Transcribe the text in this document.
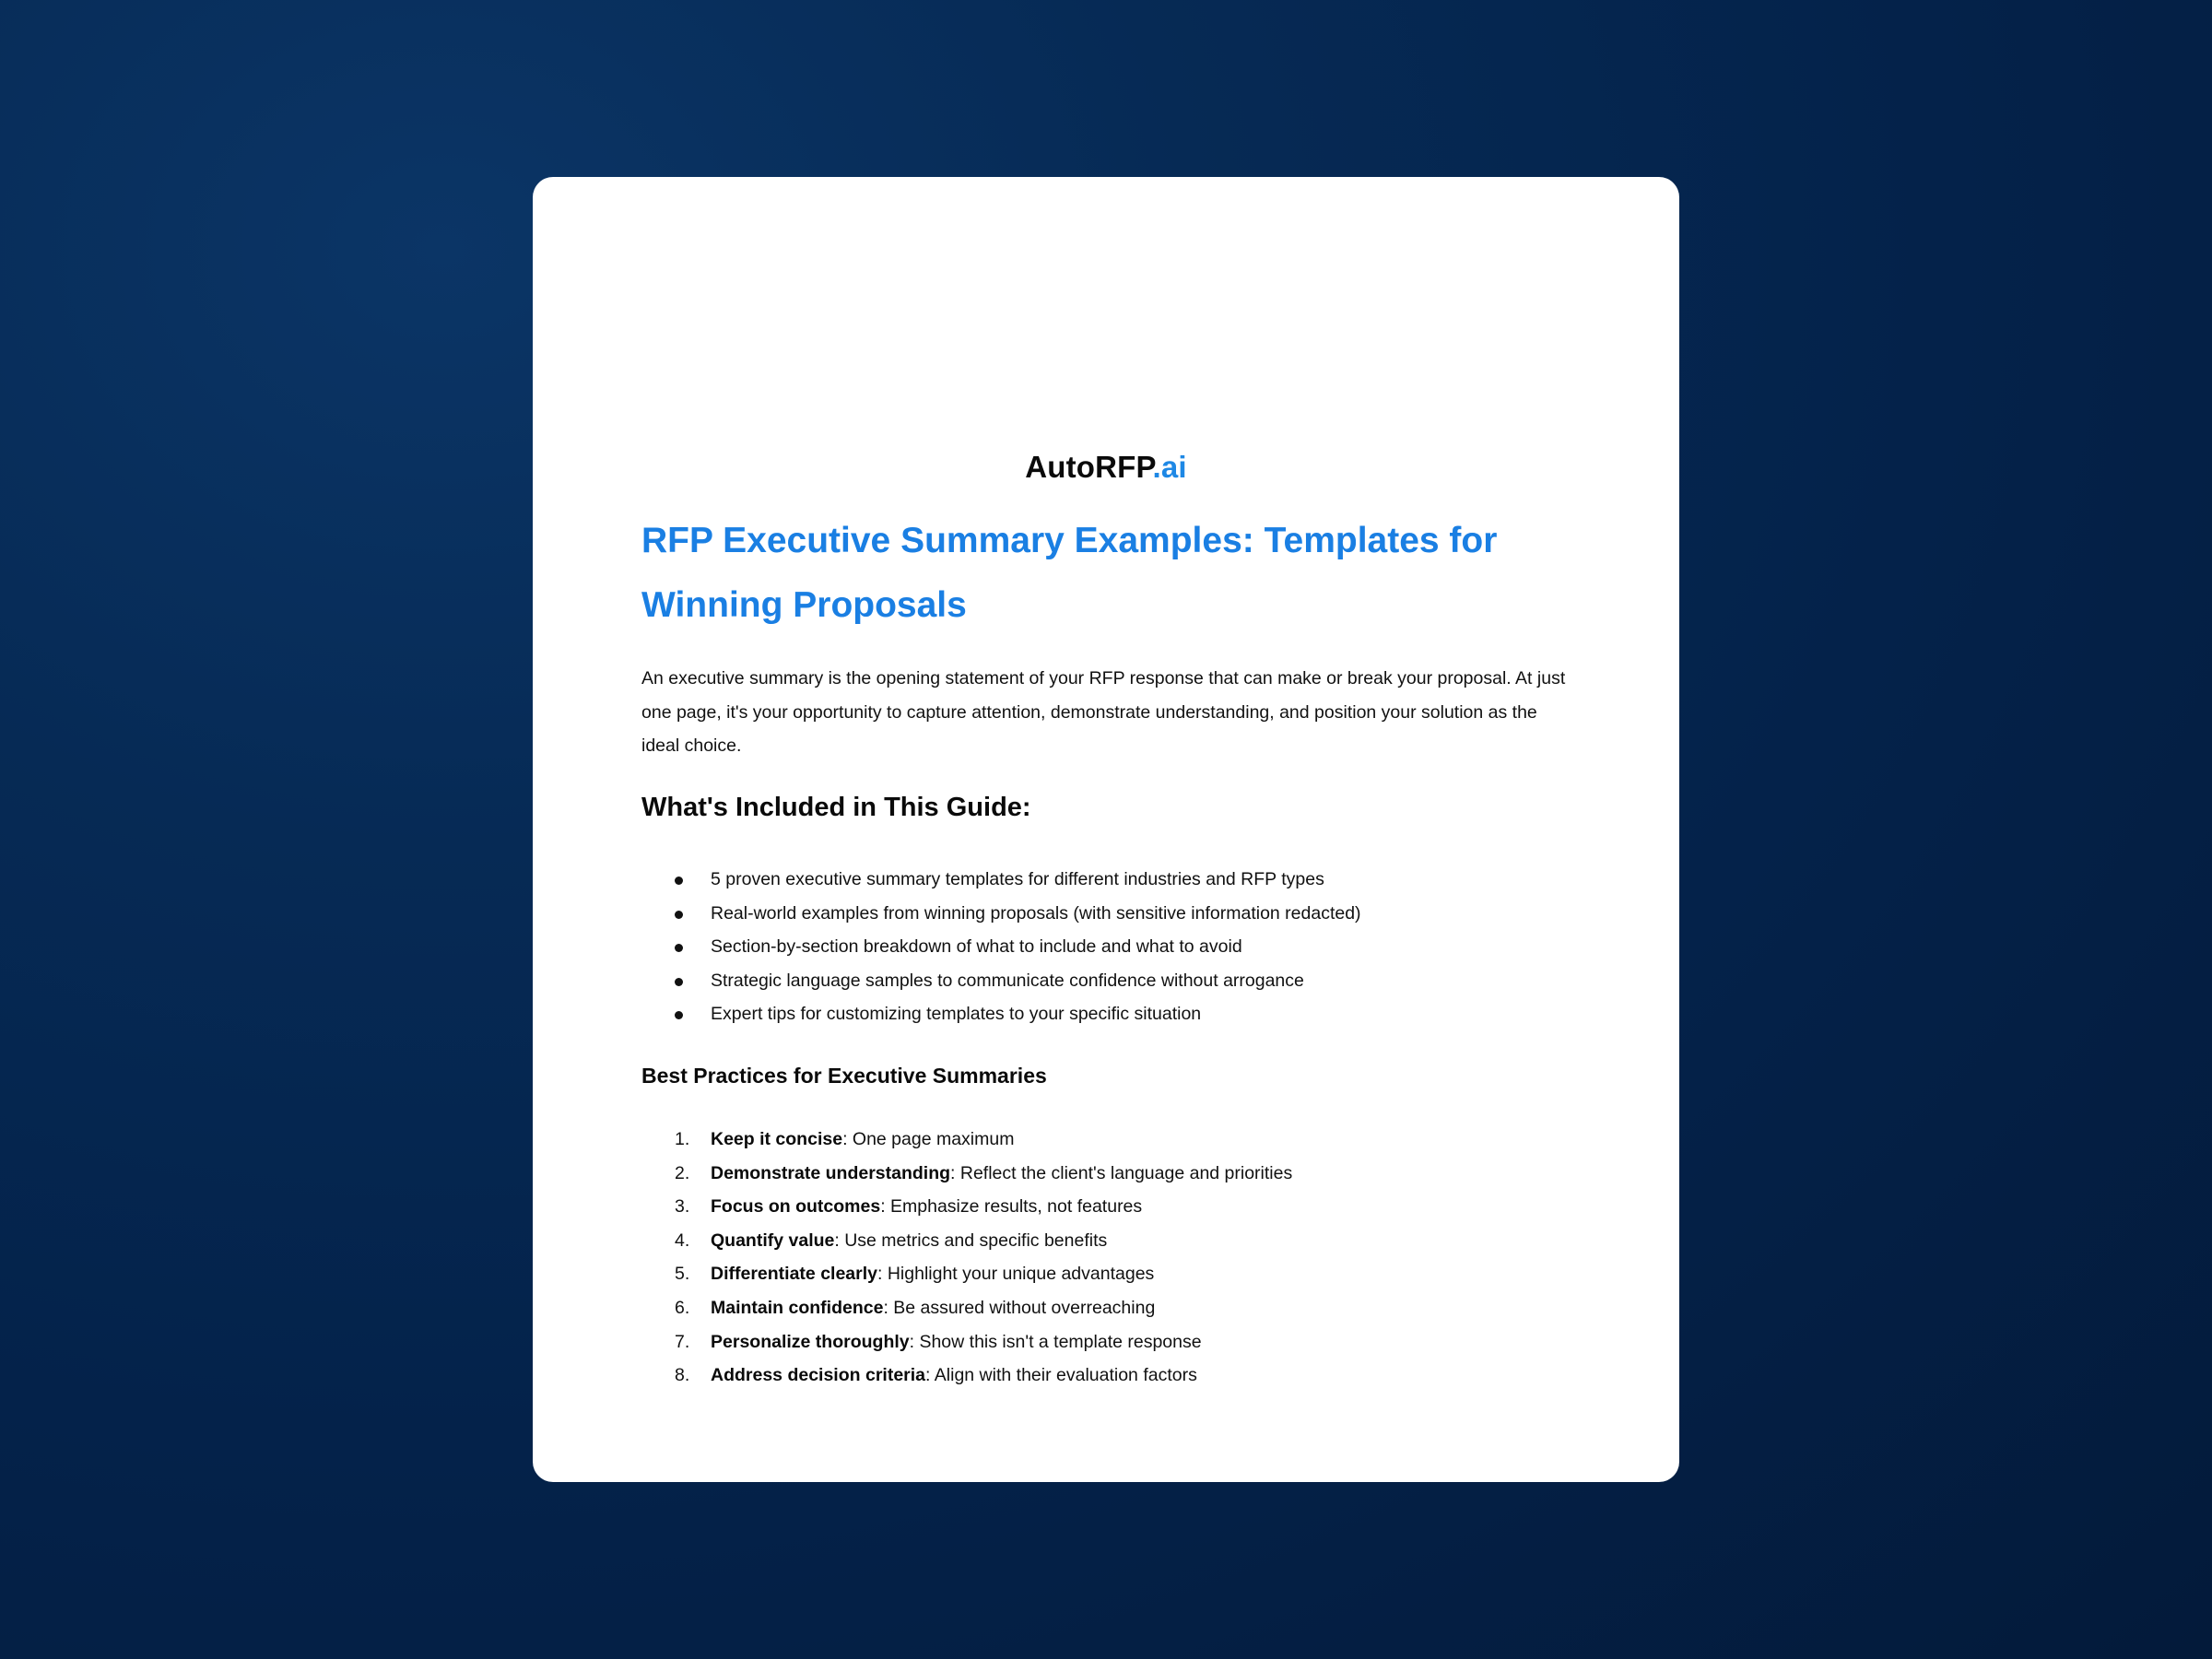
AutoRFP.ai
RFP Executive Summary Examples: Templates for Winning Proposals

An executive summary is the opening statement of your RFP response that can make or break your proposal. At just one page, it's your opportunity to capture attention, demonstrate understanding, and position your solution as the ideal choice.

What's Included in This Guide:
5 proven executive summary templates for different industries and RFP types
Real-world examples from winning proposals (with sensitive information redacted)
Section-by-section breakdown of what to include and what to avoid
Strategic language samples to communicate confidence without arrogance
Expert tips for customizing templates to your specific situation
Best Practices for Executive Summaries
1. Keep it concise: One page maximum
2. Demonstrate understanding: Reflect the client's language and priorities
3. Focus on outcomes: Emphasize results, not features
4. Quantify value: Use metrics and specific benefits
5. Differentiate clearly: Highlight your unique advantages
6. Maintain confidence: Be assured without overreaching
7. Personalize thoroughly: Show this isn't a template response
8. Address decision criteria: Align with their evaluation factors
